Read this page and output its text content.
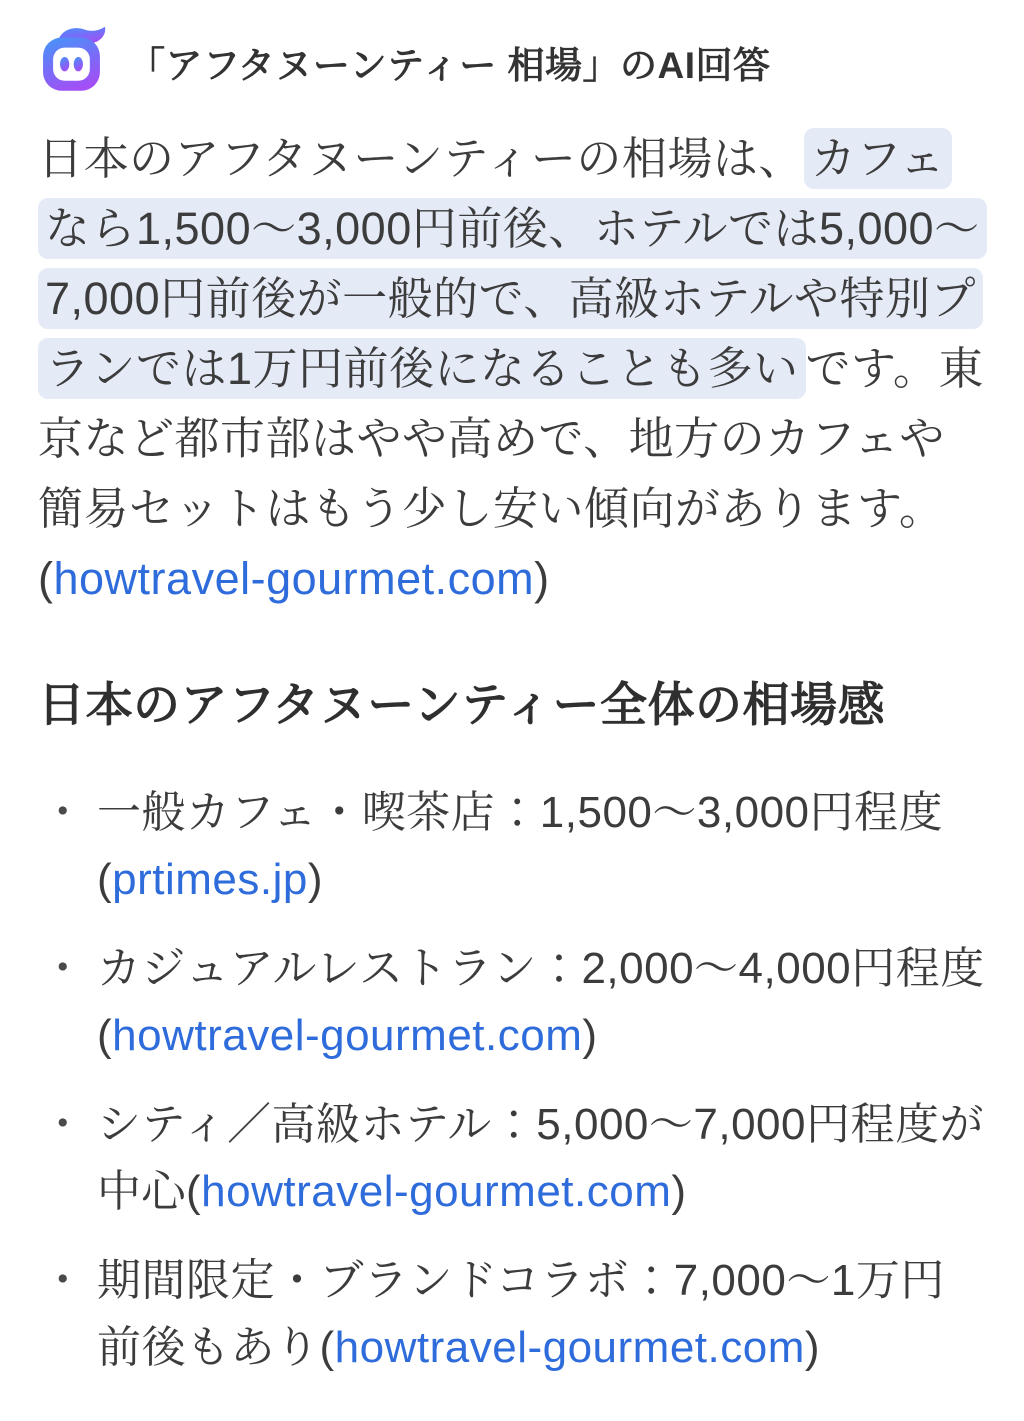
「アフタヌーンティー 相場」のAI回答

日本のアフタヌーンティーの相場は、 カフェなら1,500〜3,000円前後、ホテルでは5,000〜7,000円前後が一般的で、高級ホテルや特別プランでは1万円前後になることも多い です。東京など都市部はやや高めで、地方のカフェや簡易セットはもう少し安い傾向があります。(howtravel-gourmet.com)

日本のアフタヌーンティー全体の相場感
・ 一般カフェ・喫茶店：1,500〜3,000円程度(prtimes.jp)
・ カジュアルレストラン：2,000〜4,000円程度(howtravel-gourmet.com)
・ シティ／高級ホテル：5,000〜7,000円程度が中心(howtravel-gourmet.com)
・ 期間限定・ブランドコラボ：7,000〜1万円前後もあり(howtravel-gourmet.com)
